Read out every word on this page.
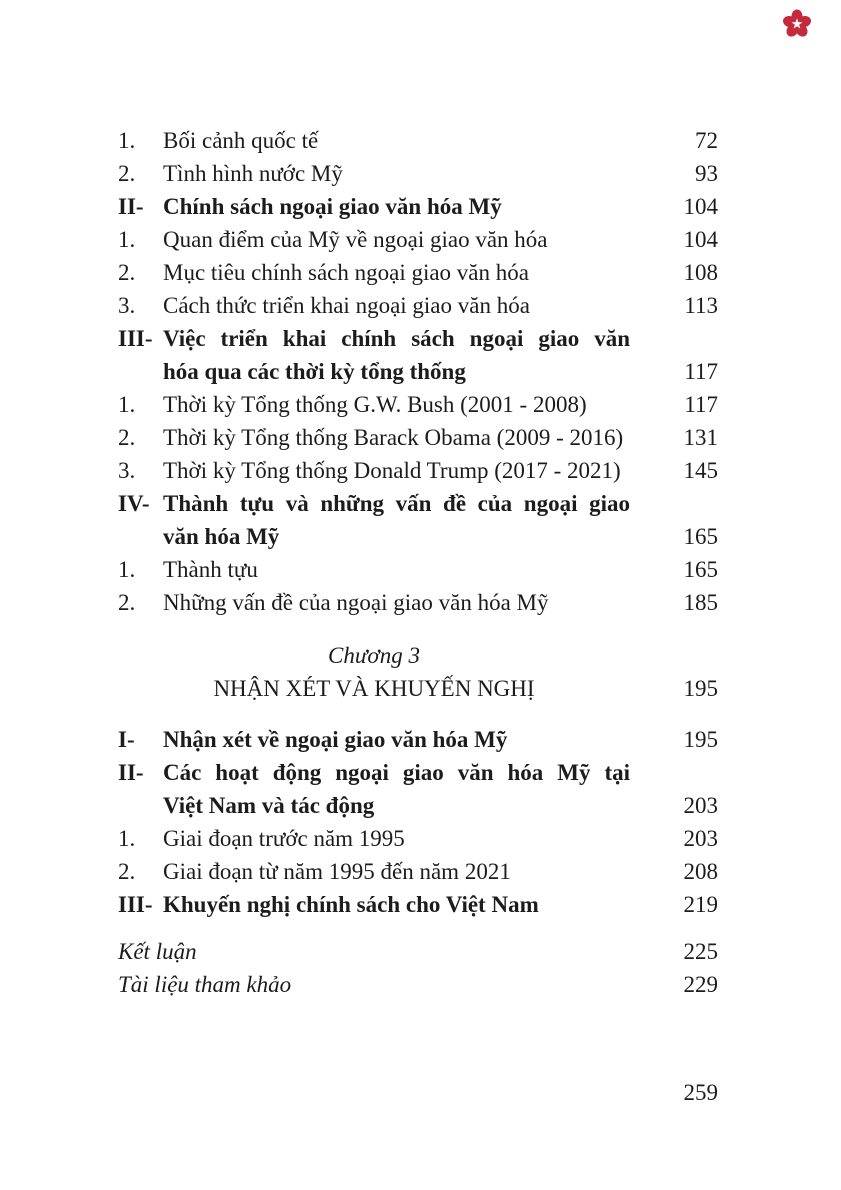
1.	Bối cảnh quốc tế	72
2.	Tình hình nước Mỹ	93
II- Chính sách ngoại giao văn hóa Mỹ	104
1.	Quan điểm của Mỹ về ngoại giao văn hóa	104
2.	Mục tiêu chính sách ngoại giao văn hóa	108
3.	Cách thức triển khai ngoại giao văn hóa	113
III- Việc triển khai chính sách ngoại giao văn
hóa qua các thời kỳ tổng thống	117
1.	Thời kỳ Tổng thống G.W. Bush (2001 - 2008)	117
2.	Thời kỳ Tổng thống Barack Obama (2009 - 2016)	131
3.	Thời kỳ Tổng thống Donald Trump (2017 - 2021)	145
IV- Thành tựu và những vấn đề của ngoại giao
văn hóa Mỹ	165
1.	Thành tựu	165
2.	Những vấn đề của ngoại giao văn hóa Mỹ	185
Chương 3
NHẬN XÉT VÀ KHUYẾN NGHỊ	195
I-	Nhận xét về ngoại giao văn hóa Mỹ	195
II- Các hoạt động ngoại giao văn hóa Mỹ tại
Việt Nam và tác động	203
1.	Giai đoạn trước năm 1995	203
2.	Giai đoạn từ năm 1995 đến năm 2021	208
III- Khuyến nghị chính sách cho Việt Nam	219
Kết luận	225
Tài liệu tham khảo	229
259
